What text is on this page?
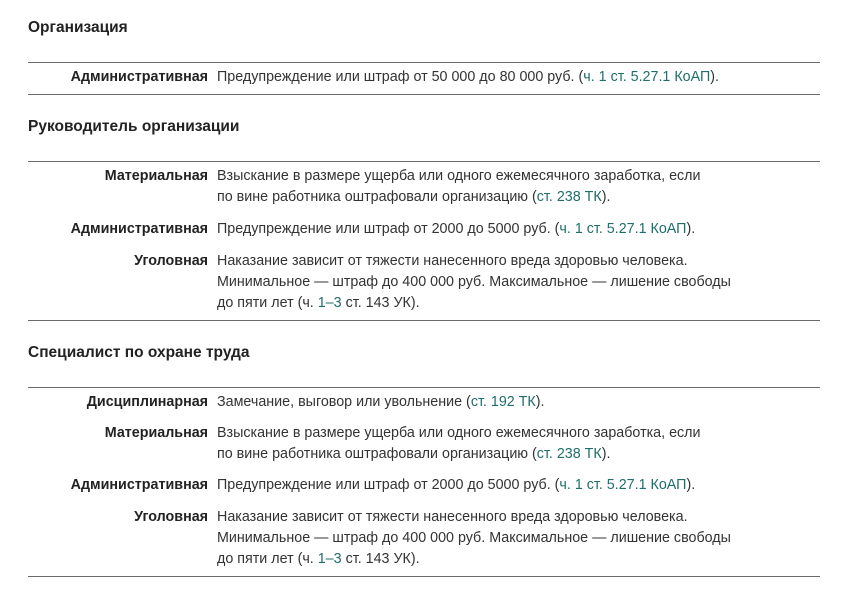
Организация
Административная Предупреждение или штраф от 50 000 до 80 000 руб. (ч. 1 ст. 5.27.1 КоАП).
Руководитель организации
Материальная Взыскание в размере ущерба или одного ежемесячного заработка, если
по вине работника оштрафовали организацию (ст. 238 ТК).
Административная Предупреждение или штраф от 2000 до 5000 руб. (ч. 1 ст. 5.27.1 КоАП).
Уголовная Наказание зависит от тяжести нанесенного вреда здоровью человека.
Минимальное — штраф до 400 000 руб. Максимальное — лишение свободы
до пяти лет (ч. 1–3 ст. 143 УК).
Специалист по охране труда
Дисциплинарная Замечание, выговор или увольнение (ст. 192 ТК).
Материальная Взыскание в размере ущерба или одного ежемесячного заработка, если
по вине работника оштрафовали организацию (ст. 238 ТК).
Административная Предупреждение или штраф от 2000 до 5000 руб. (ч. 1 ст. 5.27.1 КоАП).
Уголовная Наказание зависит от тяжести нанесенного вреда здоровью человека.
Минимальное — штраф до 400 000 руб. Максимальное — лишение свободы
до пяти лет (ч. 1–3 ст. 143 УК).
